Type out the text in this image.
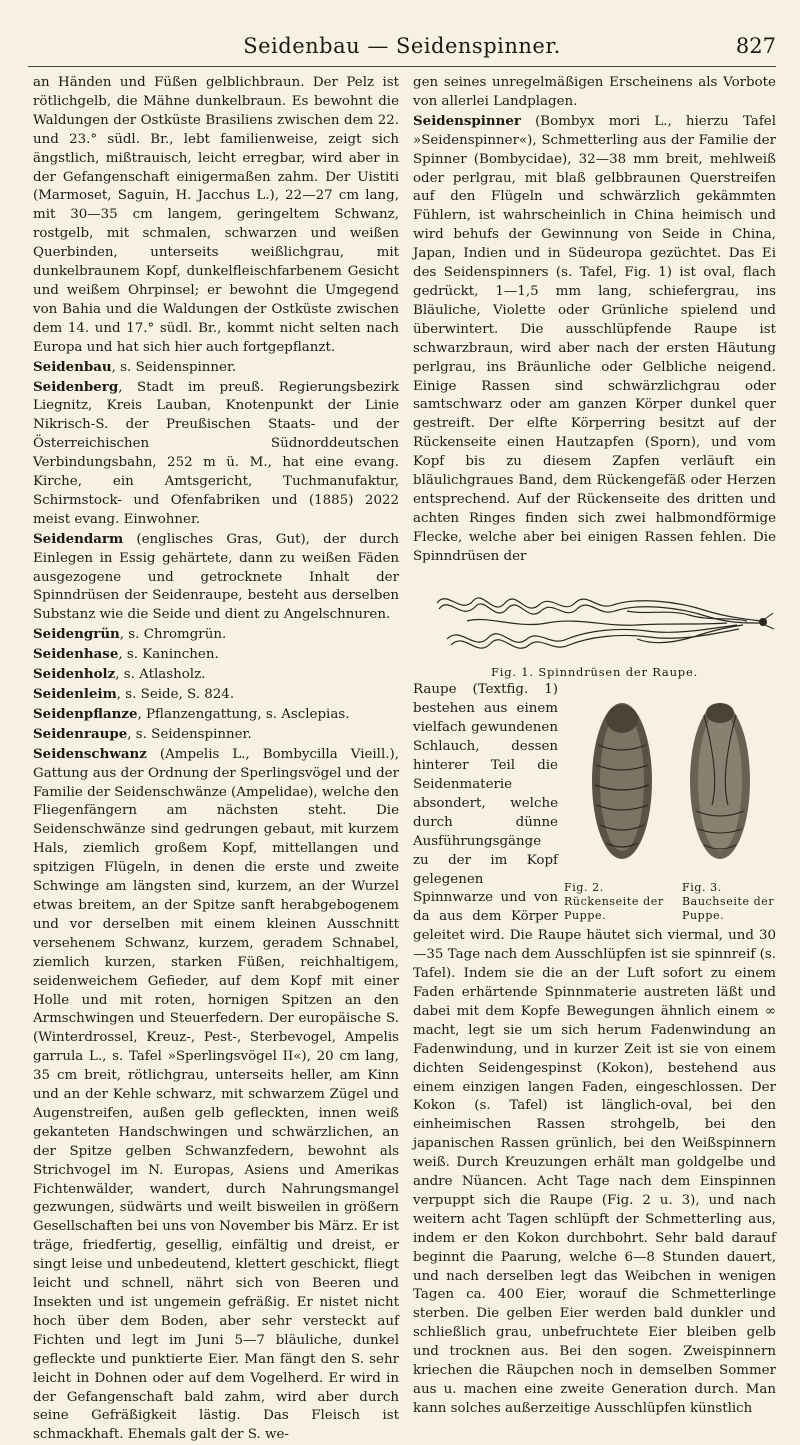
Seidenbau — Seidenspinner.	827

an Händen und Füßen gelblichbraun. Der Pelz ist rötlichgelb, die Mähne dunkelbraun. Es bewohnt die Waldungen der Ostküste Brasiliens zwischen dem 22. und 23.° südl. Br., lebt familienweise, zeigt sich ängstlich, mißtrauisch, leicht erregbar, wird aber in der Gefangenschaft einigermaßen zahm. Der Uistiti (Marmoset, Saguin, H. Jacchus L.), 22—27 cm lang, mit 30—35 cm langem, geringeltem Schwanz, rostgelb, mit schmalen, schwarzen und weißen Querbinden, unterseits weißlichgrau, mit dunkelbraunem Kopf, dunkelfleischfarbenem Gesicht und weißem Ohrpinsel; er bewohnt die Umgegend von Bahia und die Waldungen der Ostküste zwischen dem 14. und 17.° südl. Br., kommt nicht selten nach Europa und hat sich hier auch fortgepflanzt.

Seidenbau, s. Seidenspinner.

Seidenberg, Stadt im preuß. Regierungsbezirk Liegnitz, Kreis Lauban, Knotenpunkt der Linie Nikrisch-S. der Preußischen Staats- und der Österreichischen Südnorddeutschen Verbindungsbahn, 252 m ü. M., hat eine evang. Kirche, ein Amtsgericht, Tuchmanufaktur, Schirmstock- und Ofenfabriken und (1885) 2022 meist evang. Einwohner.

Seidendarm (englisches Gras, Gut), der durch Einlegen in Essig gehärtete, dann zu weißen Fäden ausgezogene und getrocknete Inhalt der Spinndrüsen der Seidenraupe, besteht aus derselben Substanz wie die Seide und dient zu Angelschnuren.

Seidengrün, s. Chromgrün.

Seidenhase, s. Kaninchen.

Seidenholz, s. Atlasholz.

Seidenleim, s. Seide, S. 824.

Seidenpflanze, Pflanzengattung, s. Asclepias.

Seidenraupe, s. Seidenspinner.

Seidenschwanz (Ampelis L., Bombycilla Vieill.), Gattung aus der Ordnung der Sperlingsvögel und der Familie der Seidenschwänze (Ampelidae), welche den Fliegenfängern am nächsten steht. Die Seidenschwänze sind gedrungen gebaut, mit kurzem Hals, ziemlich großem Kopf, mittellangen und spitzigen Flügeln, in denen die erste und zweite Schwinge am längsten sind, kurzem, an der Wurzel etwas breitem, an der Spitze sanft herabgebogenem und vor derselben mit einem kleinen Ausschnitt versehenem Schwanz, kurzem, geradem Schnabel, ziemlich kurzen, starken Füßen, reichhaltigem, seidenweichem Gefieder, auf dem Kopf mit einer Holle und mit roten, hornigen Spitzen an den Armschwingen und Steuerfedern. Der europäische S. (Winterdrossel, Kreuz-, Pest-, Sterbevogel, Ampelis garrula L., s. Tafel »Sperlingsvögel II«), 20 cm lang, 35 cm breit, rötlichgrau, unterseits heller, am Kinn und an der Kehle schwarz, mit schwarzem Zügel und Augenstreifen, außen gelb gefleckten, innen weiß gekanteten Handschwingen und schwärzlichen, an der Spitze gelben Schwanzfedern, bewohnt als Strichvogel im N. Europas, Asiens und Amerikas Fichtenwälder, wandert, durch Nahrungsmangel gezwungen, südwärts und weilt bisweilen in größern Gesellschaften bei uns von November bis März. Er ist träge, friedfertig, gesellig, einfältig und dreist, er singt leise und unbedeutend, klettert geschickt, fliegt leicht und schnell, nährt sich von Beeren und Insekten und ist ungemein gefräßig. Er nistet nicht hoch über dem Boden, aber sehr versteckt auf Fichten und legt im Juni 5—7 bläuliche, dunkel gefleckte und punktierte Eier. Man fängt den S. sehr leicht in Dohnen oder auf dem Vogelherd. Er wird in der Gefangenschaft bald zahm, wird aber durch seine Gefräßigkeit lästig. Das Fleisch ist schmackhaft. Ehemals galt der S. we-

gen seines unregelmäßigen Erscheinens als Vorbote von allerlei Landplagen.

Seidenspinner (Bombyx mori L., hierzu Tafel »Seidenspinner«), Schmetterling aus der Familie der Spinner (Bombycidae), 32—38 mm breit, mehlweiß oder perlgrau, mit blaß gelbbraunen Querstreifen auf den Flügeln und schwärzlich gekämmten Fühlern, ist wahrscheinlich in China heimisch und wird behufs der Gewinnung von Seide in China, Japan, Indien und in Südeuropa gezüchtet. Das Ei des Seidenspinners (s. Tafel, Fig. 1) ist oval, flach gedrückt, 1—1,5 mm lang, schiefergrau, ins Bläuliche, Violette oder Grünliche spielend und überwintert. Die ausschlüpfende Raupe ist schwarzbraun, wird aber nach der ersten Häutung perlgrau, ins Bräunliche oder Gelbliche neigend. Einige Rassen sind schwärzlichgrau oder samtschwarz oder am ganzen Körper dunkel quer gestreift. Der elfte Körperring besitzt auf der Rückenseite einen Hautzapfen (Sporn), und vom Kopf bis zu diesem Zapfen verläuft ein bläulichgraues Band, dem Rückengefäß oder Herzen entsprechend. Auf der Rückenseite des dritten und achten Ringes finden sich zwei halbmondförmige Flecke, welche aber bei einigen Rassen fehlen. Die Spinndrüsen der

Fig. 1. Spinndrüsen der Raupe.

Fig. 2. Rückenseite der Puppe.
Fig. 3. Bauchseite der Puppe.

Raupe (Textfig. 1) bestehen aus einem vielfach gewundenen Schlauch, dessen hinterer Teil die Seidenmaterie absondert, welche durch dünne Ausführungsgänge zu der im Kopf gelegenen Spinnwarze und von da aus dem Körper geleitet wird. Die Raupe häutet sich viermal, und 30—35 Tage nach dem Ausschlüpfen ist sie spinnreif (s. Tafel). Indem sie die an der Luft sofort zu einem Faden erhärtende Spinnmaterie austreten läßt und dabei mit dem Kopfe Bewegungen ähnlich einem ∞ macht, legt sie um sich herum Fadenwindung an Fadenwindung, und in kurzer Zeit ist sie von einem dichten Seidengespinst (Kokon), bestehend aus einem einzigen langen Faden, eingeschlossen. Der Kokon (s. Tafel) ist länglich-oval, bei den einheimischen Rassen strohgelb, bei den japanischen Rassen grünlich, bei den Weißspinnern weiß. Durch Kreuzungen erhält man goldgelbe und andre Nüancen. Acht Tage nach dem Einspinnen verpuppt sich die Raupe (Fig. 2 u. 3), und nach weitern acht Tagen schlüpft der Schmetterling aus, indem er den Kokon durchbohrt. Sehr bald darauf beginnt die Paarung, welche 6—8 Stunden dauert, und nach derselben legt das Weibchen in wenigen Tagen ca. 400 Eier, worauf die Schmetterlinge sterben. Die gelben Eier werden bald dunkler und schließlich grau, unbefruchtete Eier bleiben gelb und trocknen aus. Bei den sogen. Zweispinnern kriechen die Räupchen noch in demselben Sommer aus u. machen eine zweite Generation durch. Man kann solches außerzeitige Ausschlüpfen künstlich
